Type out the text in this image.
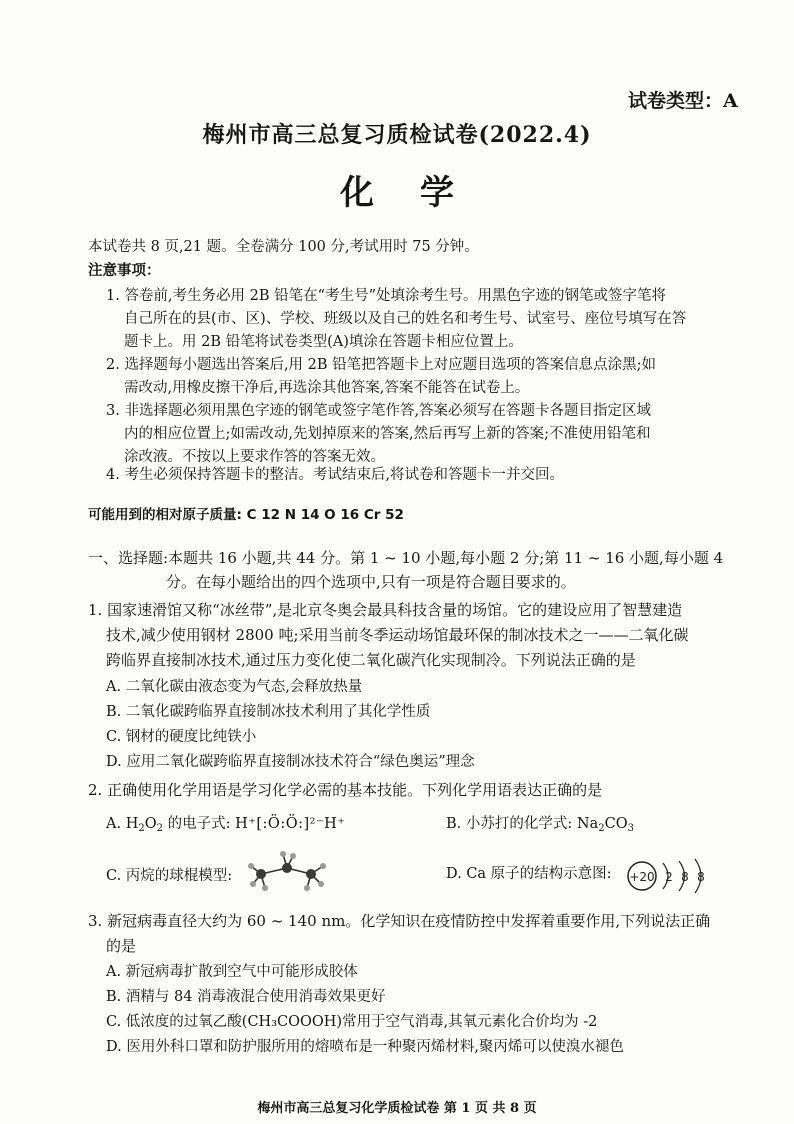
试卷类型：A
梅州市高三总复习质检试卷(2022.4)
化学
本试卷共 8 页,21 题。全卷满分 100 分,考试用时 75 分钟。
注意事项：
1. 答卷前,考生务必用 2B 铅笔在“考生号”处填涂考生号。用黑色字迹的钢笔或签字笔将
自己所在的县(市、区)、学校、班级以及自己的姓名和考生号、试室号、座位号填写在答
题卡上。用 2B 铅笔将试卷类型(A)填涂在答题卡相应位置上。
2. 选择题每小题选出答案后,用 2B 铅笔把答题卡上对应题目选项的答案信息点涂黑;如
需改动,用橡皮擦干净后,再选涂其他答案,答案不能答在试卷上。
3. 非选择题必须用黑色字迹的钢笔或签字笔作答,答案必须写在答题卡各题目指定区域
内的相应位置上;如需改动,先划掉原来的答案,然后再写上新的答案;不准使用铅笔和
涂改液。不按以上要求作答的答案无效。
4. 考生必须保持答题卡的整洁。考试结束后,将试卷和答题卡一并交回。
可能用到的相对原子质量: C 12 N 14 O 16 Cr 52
一、选择题:本题共 16 小题,共 44 分。第 1 ~ 10 小题,每小题 2 分;第 11 ~ 16 小题,每小题 4
分。在每小题给出的四个选项中,只有一项是符合题目要求的。
1. 国家速滑馆又称“冰丝带”,是北京冬奥会最具科技含量的场馆。它的建设应用了智慧建造
技术,减少使用钢材 2800 吨;采用当前冬季运动场馆最环保的制冰技术之一——二氧化碳
跨临界直接制冰技术,通过压力变化使二氧化碳汽化实现制冷。下列说法正确的是
A. 二氧化碳由液态变为气态,会释放热量
B. 二氧化碳跨临界直接制冰技术利用了其化学性质
C. 钢材的硬度比纯铁小
D. 应用二氧化碳跨临界直接制冰技术符合“绿色奥运”理念
2. 正确使用化学用语是学习化学必需的基本技能。下列化学用语表达正确的是
A. $H_2O_2$ 的电子式: H⁺[:Ö:Ö:]²⁻H⁺	B. 小苏打的化学式: $Na_2CO_3$
C. 丙烷的球棍模型:	D. Ca 原子的结构示意图: +20 2 8 8
3. 新冠病毒直径大约为 60 ~ 140 nm。化学知识在疫情防控中发挥着重要作用,下列说法正确
的是
A. 新冠病毒扩散到空气中可能形成胶体
B. 酒精与 84 消毒液混合使用消毒效果更好
C. 低浓度的过氧乙酸(CH₃COOOH)常用于空气消毒,其氧元素化合价均为 -2
D. 医用外科口罩和防护服所用的熔喷布是一种聚丙烯材料,聚丙烯可以使溴水褪色
梅州市高三总复习化学质检试卷 第 1 页 共 8 页
